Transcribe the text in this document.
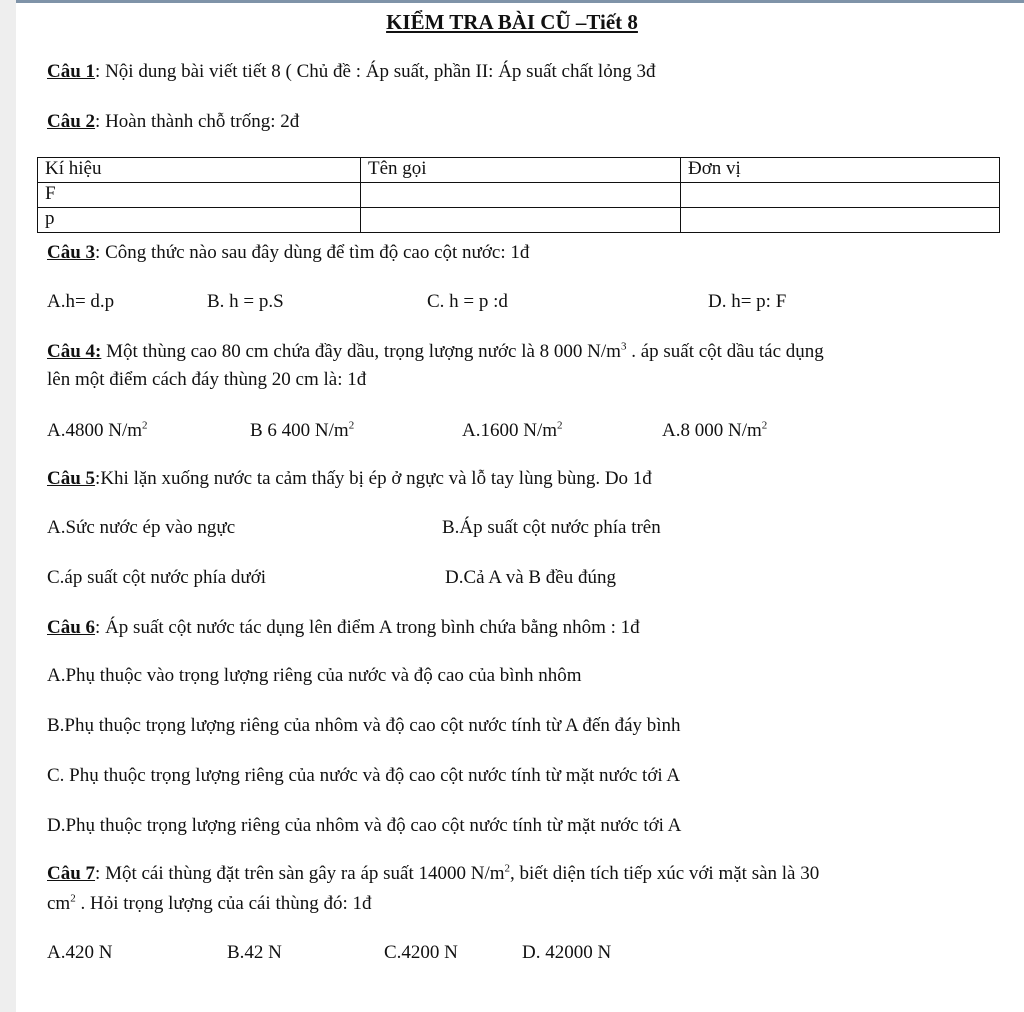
KIỂM TRA BÀI CŨ –Tiết 8
Câu 1: Nội dung bài viết tiết 8 ( Chủ đề : Áp suất, phần II: Áp suất chất lỏng 3đ
Câu 2: Hoàn thành chỗ trống: 2đ
Kí hiệu	Tên gọi	Đơn vị
F		
p		
Câu 3: Công thức nào sau đây dùng để tìm độ cao cột nước: 1đ
A.h= d.p	B. h = p.S	C. h = p :d	D. h= p: F
Câu 4: Một thùng cao 80 cm chứa đầy dầu, trọng lượng nước là 8 000 $N/m^3$ . áp suất cột dầu tác dụng
lên một điểm cách đáy thùng 20 cm là: 1đ
A.4800 $N/m^2$	B 6 400 $N/m^2$	A.1600 $N/m^2$	A.8 000 $N/m^2$
Câu 5:Khi lặn xuống nước ta cảm thấy bị ép ở ngực và lỗ tay lùng bùng. Do 1đ
A.Sức nước ép vào ngực	B.Áp suất cột nước phía trên
C.áp suất cột nước phía dưới	D.Cả A và B đều đúng
Câu 6: Áp suất cột nước tác dụng lên điểm A trong bình chứa bằng nhôm : 1đ
A.Phụ thuộc vào trọng lượng riêng của nước và độ cao của bình nhôm
B.Phụ thuộc trọng lượng riêng của nhôm và độ cao cột nước tính từ A đến đáy bình
C. Phụ thuộc trọng lượng riêng của nước và độ cao cột nước tính từ mặt nước tới A
D.Phụ thuộc trọng lượng riêng của nhôm và độ cao cột nước tính từ mặt nước tới A
Câu 7: Một cái thùng đặt trên sàn gây ra áp suất 14000 $N/m^2$, biết diện tích tiếp xúc với mặt sàn là 30
$cm^2$ . Hỏi trọng lượng của cái thùng đó: 1đ
A.420 N	B.42 N	C.4200 N	D. 42000 N
